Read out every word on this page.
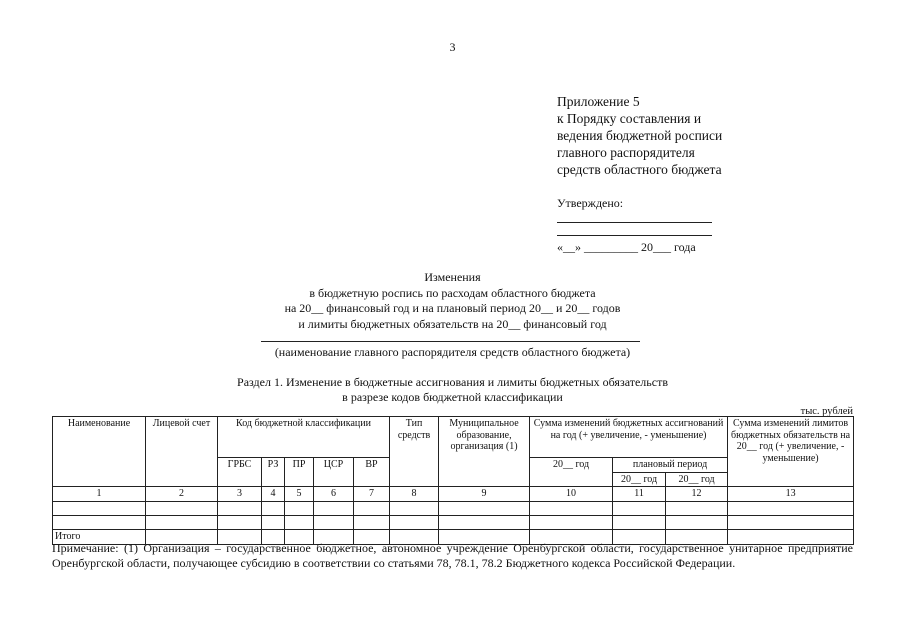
3
Приложение 5
к Порядку составления и
ведения бюджетной росписи
главного распорядителя
средств областного бюджета
Утверждено:
«__» _________ 20___ года
Изменения
в бюджетную роспись по расходам областного бюджета
на 20__ финансовый год и на плановый период 20__ и 20__ годов
и лимиты бюджетных обязательств на 20__ финансовый год
(наименование главного распорядителя средств областного бюджета)
Раздел 1. Изменение в бюджетные ассигнования и лимиты бюджетных обязательств
в разрезе кодов бюджетной классификации
тыс. рублей
Наименование	Лицевой счет	Код бюджетной классификации					Тип средств	Муниципальное образование, организация (1)	Сумма изменений бюджетных ассигнований на год (+ увеличение, - уменьшение)			Сумма изменений лимитов бюджетных обязательств на 20__ год (+ увеличение, - уменьшение)
		ГРБС	РЗ	ПР	ЦСР	ВР			20__ год	плановый период		
										20__ год	20__ год	
1	2	3	4	5	6	7	8	9	10	11	12	13

Итого												
Примечание: (1) Организация – государственное бюджетное, автономное учреждение Оренбургской области, государственное унитарное предприятие Оренбургской области, получающее субсидию в соответствии со статьями 78, 78.1, 78.2 Бюджетного кодекса Российской Федерации.
